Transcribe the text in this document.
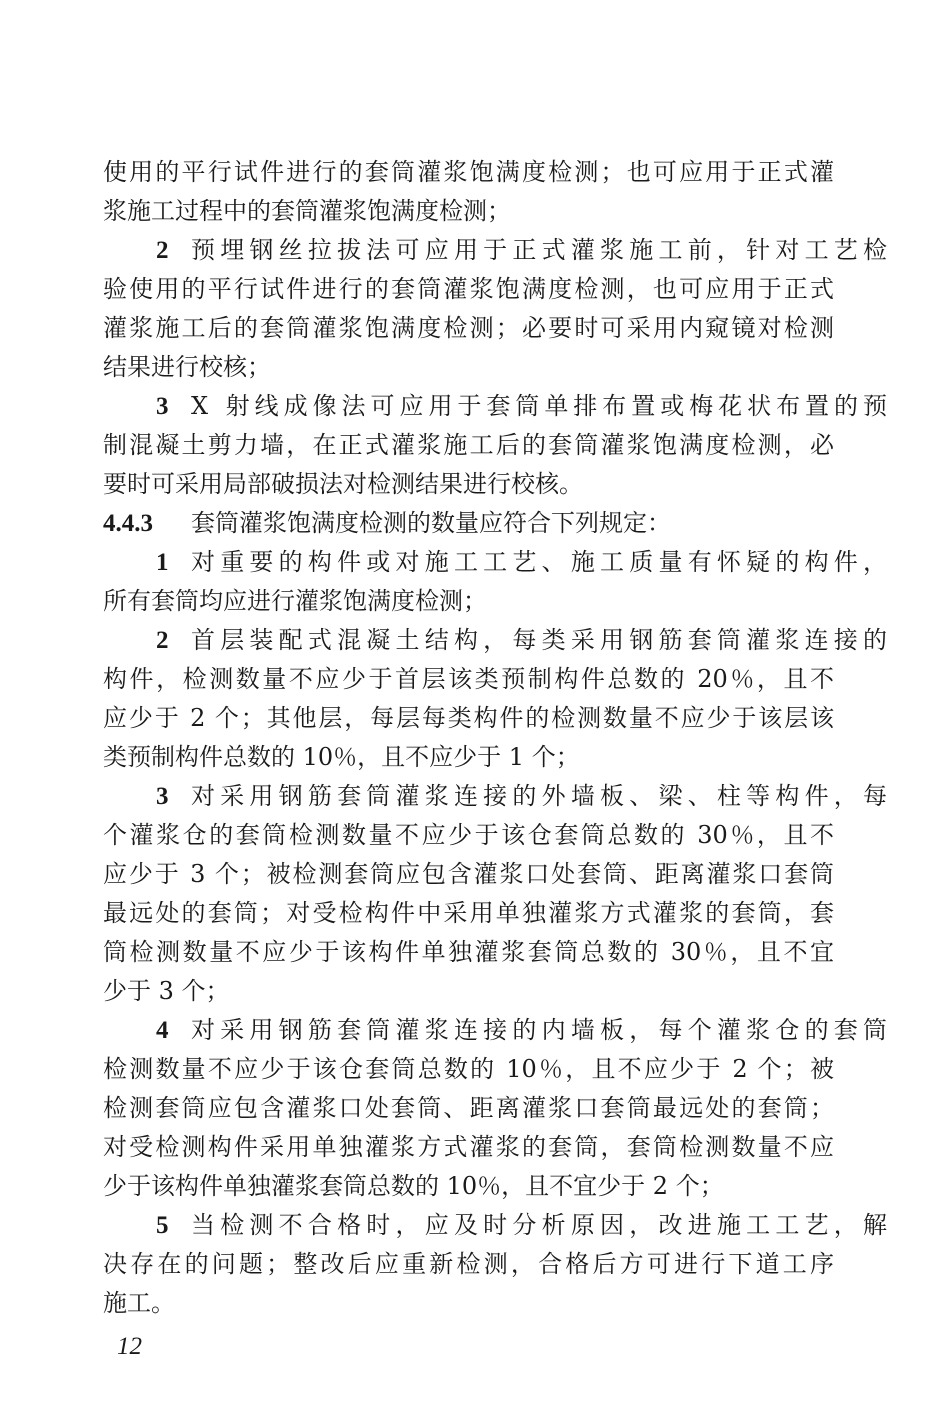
使用的平行试件进行的套筒灌浆饱满度检测；也可应用于正式灌
浆施工过程中的套筒灌浆饱满度检测；
2 预埋钢丝拉拔法可应用于正式灌浆施工前，针对工艺检
验使用的平行试件进行的套筒灌浆饱满度检测，也可应用于正式
灌浆施工后的套筒灌浆饱满度检测；必要时可采用内窥镜对检测
结果进行校核；
3 X 射线成像法可应用于套筒单排布置或梅花状布置的预
制混凝土剪力墙，在正式灌浆施工后的套筒灌浆饱满度检测，必
要时可采用局部破损法对检测结果进行校核。
4.4.3 套筒灌浆饱满度检测的数量应符合下列规定：
1 对重要的构件或对施工工艺、施工质量有怀疑的构件，
所有套筒均应进行灌浆饱满度检测；
2 首层装配式混凝土结构，每类采用钢筋套筒灌浆连接的
构件，检测数量不应少于首层该类预制构件总数的 20％，且不
应少于 2 个；其他层，每层每类构件的检测数量不应少于该层该
类预制构件总数的 10％，且不应少于 1 个；
3 对采用钢筋套筒灌浆连接的外墙板、梁、柱等构件，每
个灌浆仓的套筒检测数量不应少于该仓套筒总数的 30％，且不
应少于 3 个；被检测套筒应包含灌浆口处套筒、距离灌浆口套筒
最远处的套筒；对受检构件中采用单独灌浆方式灌浆的套筒，套
筒检测数量不应少于该构件单独灌浆套筒总数的 30％，且不宜
少于 3 个；
4 对采用钢筋套筒灌浆连接的内墙板，每个灌浆仓的套筒
检测数量不应少于该仓套筒总数的 10％，且不应少于 2 个；被
检测套筒应包含灌浆口处套筒、距离灌浆口套筒最远处的套筒；
对受检测构件采用单独灌浆方式灌浆的套筒，套筒检测数量不应
少于该构件单独灌浆套筒总数的 10％，且不宜少于 2 个；
5 当检测不合格时，应及时分析原因，改进施工工艺，解
决存在的问题；整改后应重新检测，合格后方可进行下道工序
施工。
12
